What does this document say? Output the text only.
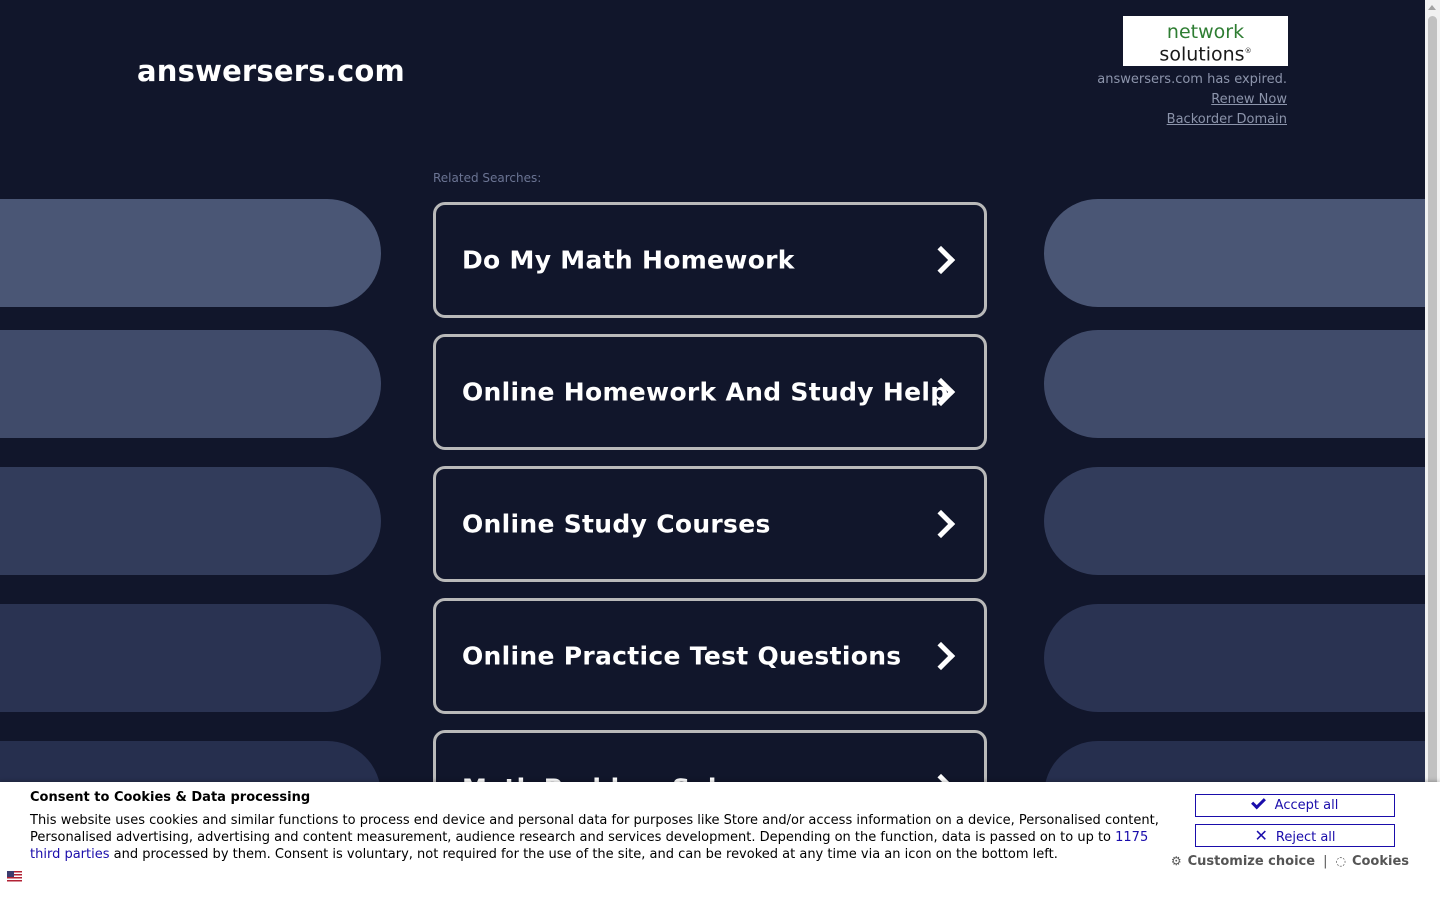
answersers.com
network
solutions®
answersers.com has expired.
Renew Now
Backorder Domain
Related Searches:
Do My Math Homework
Online Homework And Study Help
Online Study Courses
Online Practice Test Questions
Consent to Cookies & Data processing
This website uses cookies and similar functions to process end device and personal data for purposes like Store and/or access information on a device, Personalised content, Personalised advertising, advertising and content measurement, audience research and services development. Depending on the function, data is passed on to up to 1175 third parties and processed by them. Consent is voluntary, not required for the use of the site, and can be revoked at any time via an icon on the bottom left.
Accept all
✕ Reject all
⚙ Customize choice | ◌ Cookies
